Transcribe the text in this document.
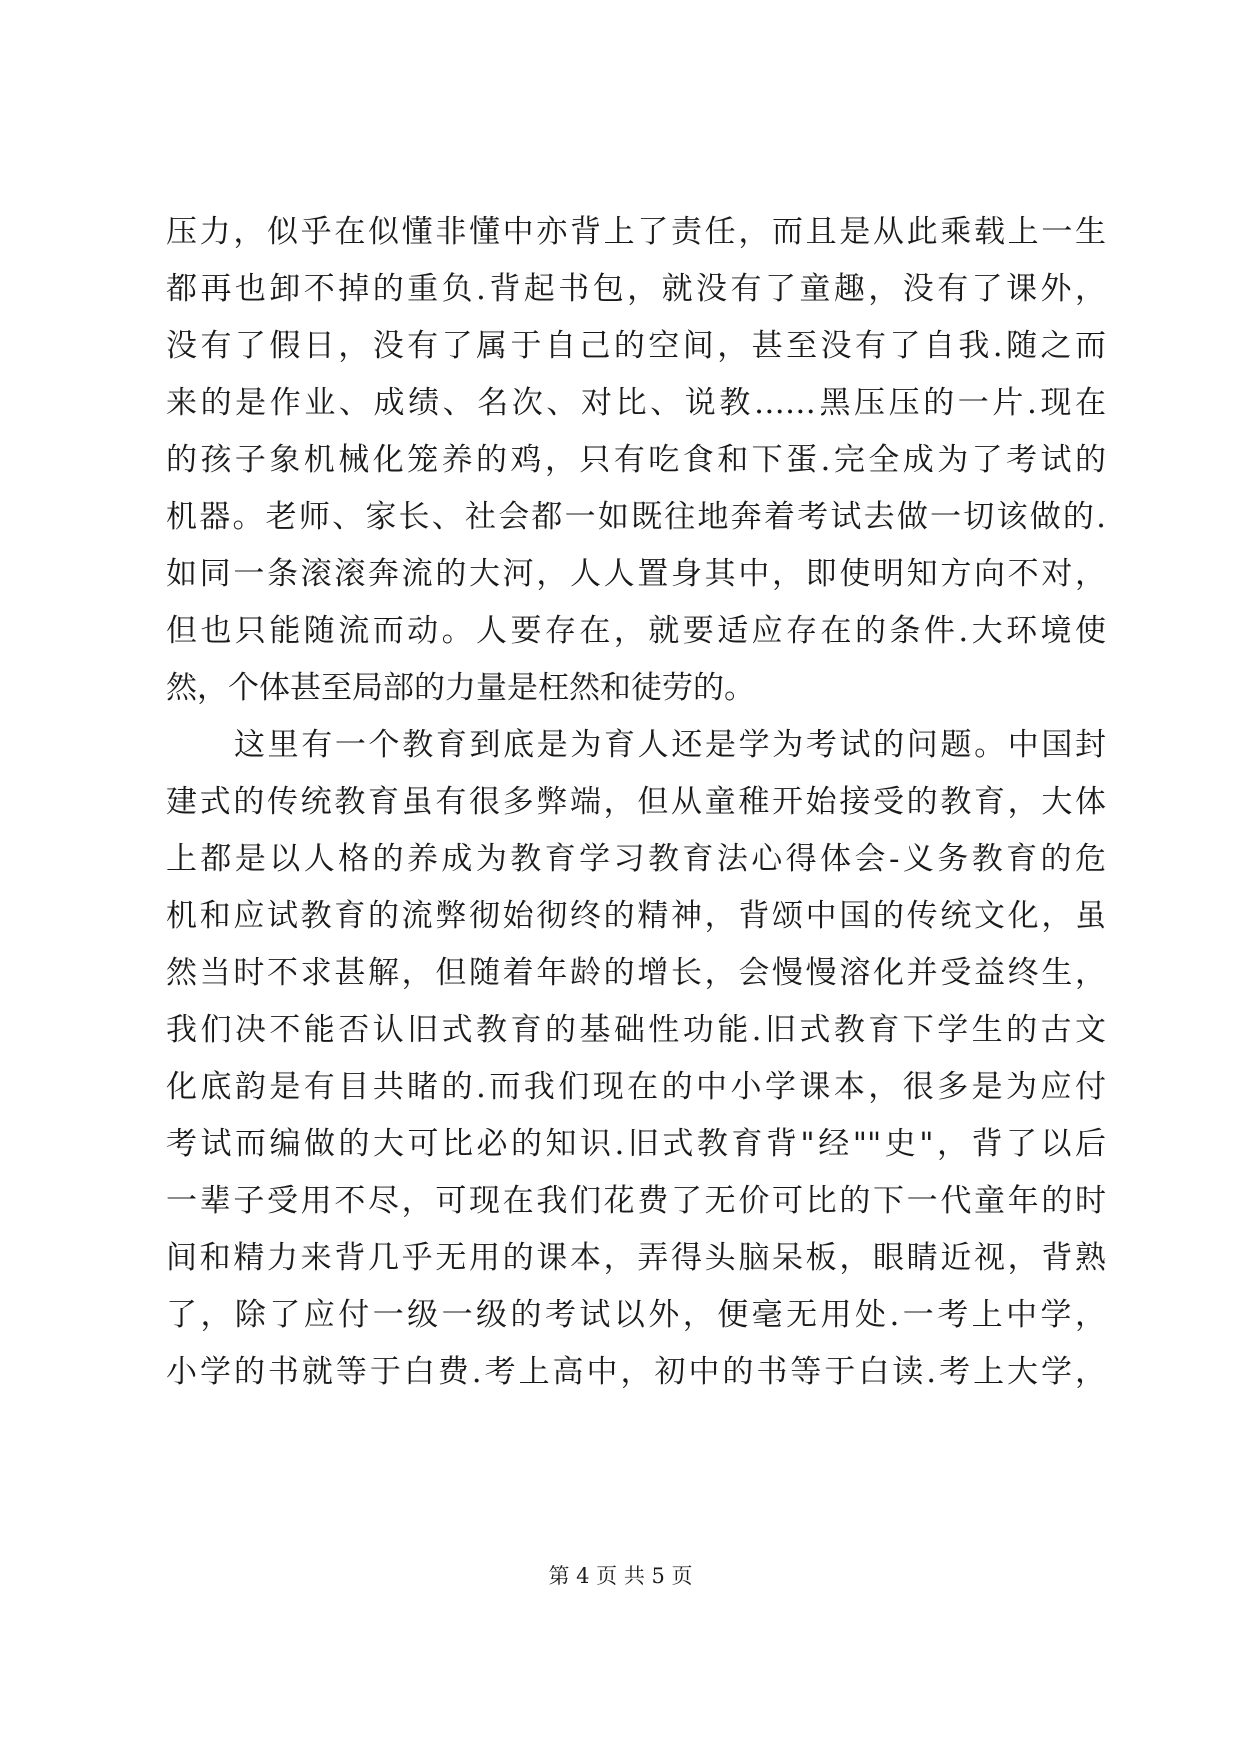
压力，似乎在似懂非懂中亦背上了责任，而且是从此乘载上一生
都再也卸不掉的重负.背起书包，就没有了童趣，没有了课外，
没有了假日，没有了属于自己的空间，甚至没有了自我.随之而
来的是作业、成绩、名次、对比、说教……黑压压的一片.现在
的孩子象机械化笼养的鸡，只有吃食和下蛋.完全成为了考试的
机器。老师、家长、社会都一如既往地奔着考试去做一切该做的.
如同一条滚滚奔流的大河，人人置身其中，即使明知方向不对，
但也只能随流而动。人要存在，就要适应存在的条件.大环境使
然，个体甚至局部的力量是枉然和徒劳的。
这里有一个教育到底是为育人还是学为考试的问题。中国封
建式的传统教育虽有很多弊端，但从童稚开始接受的教育，大体
上都是以人格的养成为教育学习教育法心得体会-义务教育的危
机和应试教育的流弊彻始彻终的精神，背颂中国的传统文化，虽
然当时不求甚解，但随着年龄的增长，会慢慢溶化并受益终生，
我们决不能否认旧式教育的基础性功能.旧式教育下学生的古文
化底韵是有目共睹的.而我们现在的中小学课本，很多是为应付
考试而编做的大可比必的知识.旧式教育背"经""史"，背了以后
一辈子受用不尽，可现在我们花费了无价可比的下一代童年的时
间和精力来背几乎无用的课本，弄得头脑呆板，眼睛近视，背熟
了，除了应付一级一级的考试以外，便毫无用处.一考上中学，
小学的书就等于白费.考上高中，初中的书等于白读.考上大学，
第 4 页 共 5 页
